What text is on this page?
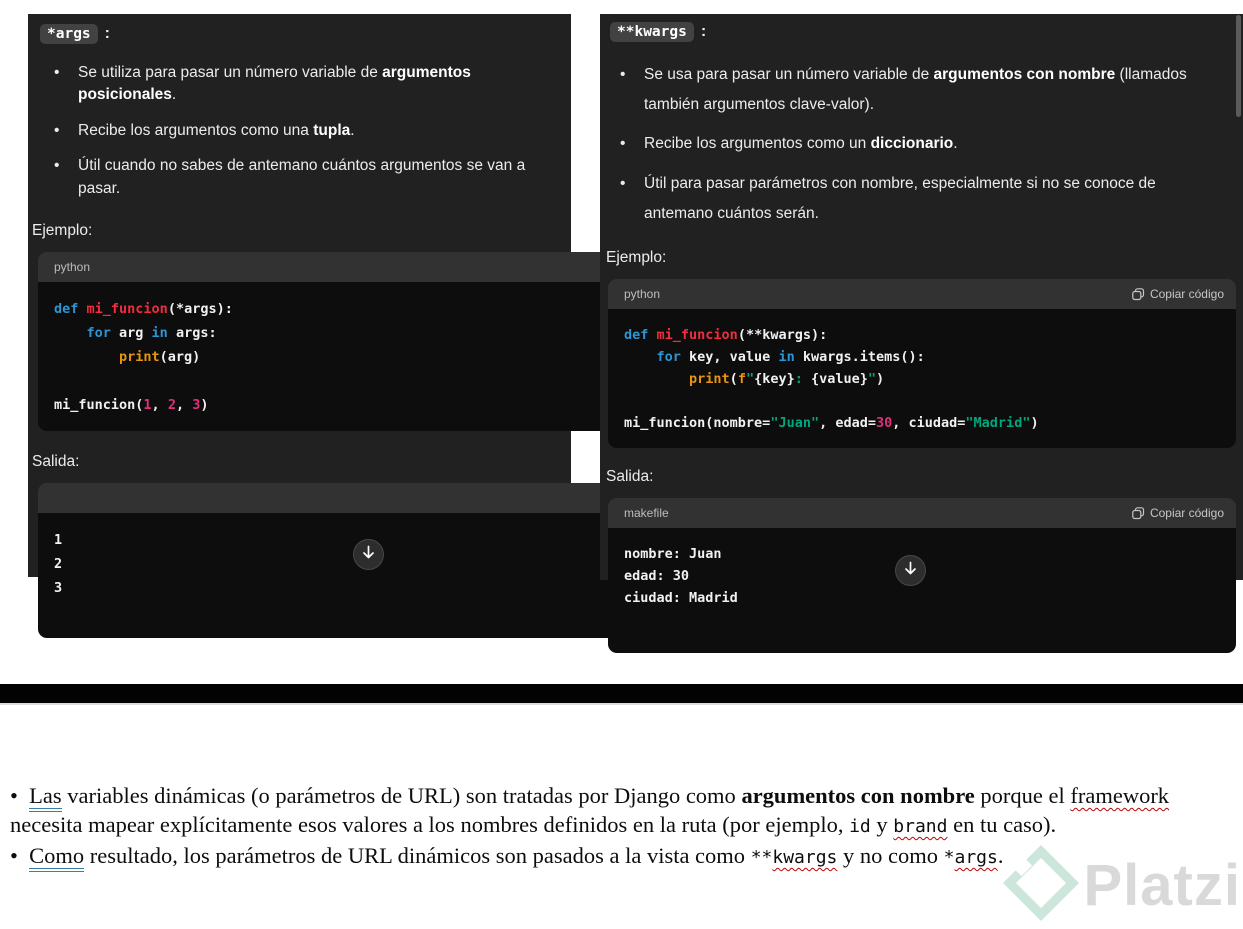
*args :
• Se utiliza para pasar un número variable de argumentos posicionales.
• Recibe los argumentos como una tupla.
• Útil cuando no sabes de antemano cuántos argumentos se van a pasar.
Ejemplo:
python
def mi_funcion(*args):
for arg in args:
print(arg)

mi_funcion(1, 2, 3)
Salida:
1
2
3
**kwargs :
• Se usa para pasar un número variable de argumentos con nombre (llamados también argumentos clave-valor).
• Recibe los argumentos como un diccionario.
• Útil para pasar parámetros con nombre, especialmente si no se conoce de antemano cuántos serán.
Ejemplo:
python	Copiar código
def mi_funcion(**kwargs):
for key, value in kwargs.items():
print(f"{key}: {value}")

mi_funcion(nombre="Juan", edad=30, ciudad="Madrid")
Salida:
makefile	Copiar código
nombre: Juan
edad: 30
ciudad: Madrid
Platzi

•  Las variables dinámicas (o parámetros de URL) son tratadas por Django como argumentos con nombre porque el framework necesita mapear explícitamente esos valores a los nombres definidos en la ruta (por ejemplo, id y brand en tu caso).

•  Como resultado, los parámetros de URL dinámicos son pasados a la vista como **kwargs y no como *args.
